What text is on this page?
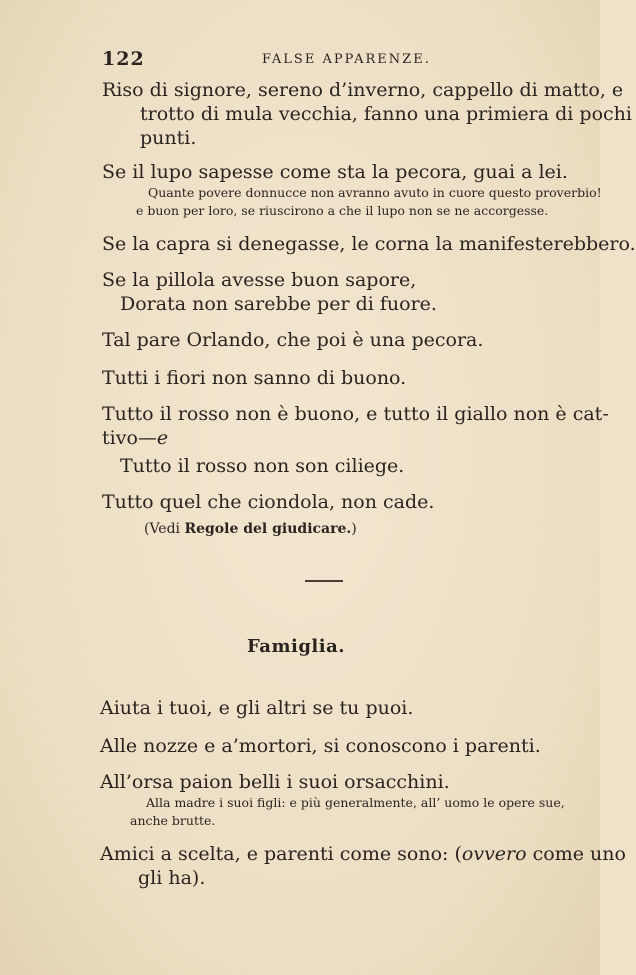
122	FALSE APPARENZE.
Riso di signore, sereno d’inverno, cappello di matto, e
trotto di mula vecchia, fanno una primiera di pochi
punti.
Se il lupo sapesse come sta la pecora, guai a lei.
Quante povere donnucce non avranno avuto in cuore questo proverbio!
e buon per loro, se riuscirono a che il lupo non se ne accorgesse.
Se la capra si denegasse, le corna la manifesterebbero.
Se la pillola avesse buon sapore,
Dorata non sarebbe per di fuore.
Tal pare Orlando, che poi è una pecora.
Tutti i fiori non sanno di buono.
Tutto il rosso non è buono, e tutto il giallo non è cat-
tivo—e
Tutto il rosso non son ciliege.
Tutto quel che ciondola, non cade.
(Vedi Regole del giudicare.)
Famiglia.
Aiuta i tuoi, e gli altri se tu puoi.
Alle nozze e a’mortori, si conoscono i parenti.
All’orsa paion belli i suoi orsacchini.
Alla madre i suoi figli: e più generalmente, all’ uomo le opere sue,
anche brutte.
Amici a scelta, e parenti come sono: (ovvero come uno
gli ha).
